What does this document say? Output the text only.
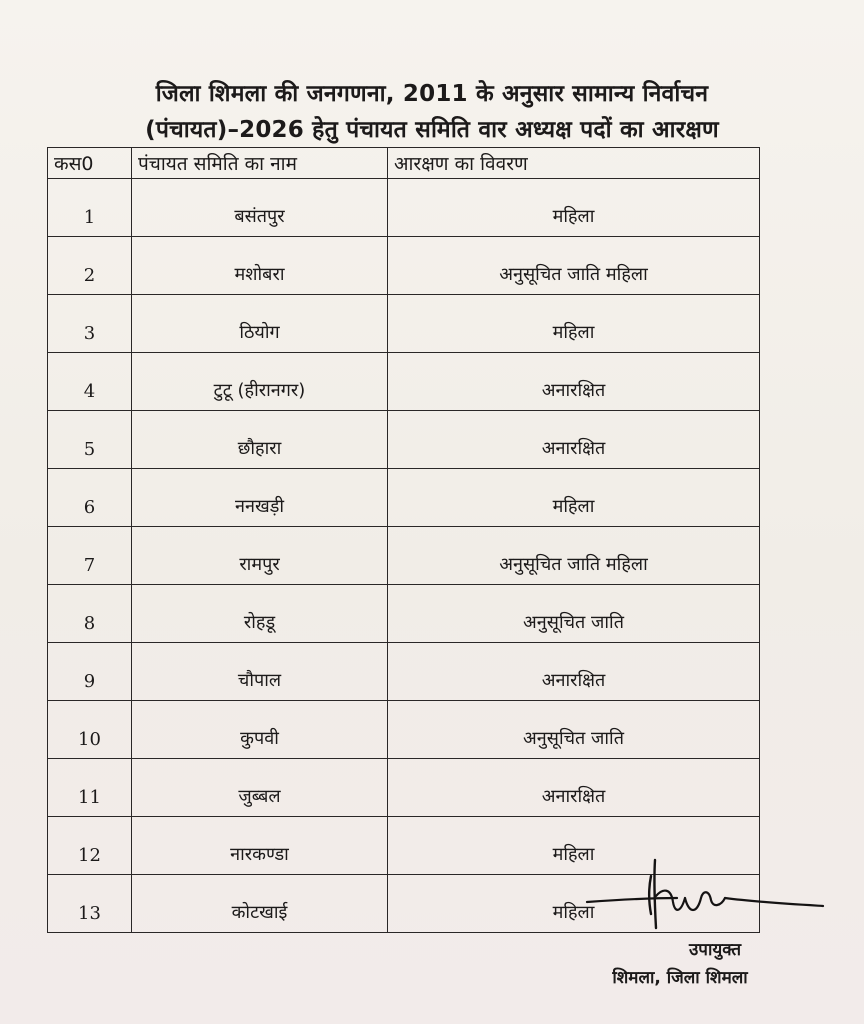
जिला शिमला की जनगणना, 2011 के अनुसार सामान्य निर्वाचन
(पंचायत)–2026 हेतु पंचायत समिति वार अध्यक्ष पदों का आरक्षण
कस0	पंचायत समिति का नाम	आरक्षण का विवरण
1	बसंतपुर	महिला
2	मशोबरा	अनुसूचित जाति महिला
3	ठियोग	महिला
4	टुटू (हीरानगर)	अनारक्षित
5	छौहारा	अनारक्षित
6	ननखड़ी	महिला
7	रामपुर	अनुसूचित जाति महिला
8	रोहडू	अनुसूचित जाति
9	चौपाल	अनारक्षित
10	कुपवी	अनुसूचित जाति
11	जुब्बल	अनारक्षित
12	नारकण्डा	महिला
13	कोटखाई	महिला
उपायुक्त
शिमला, जिला शिमला
